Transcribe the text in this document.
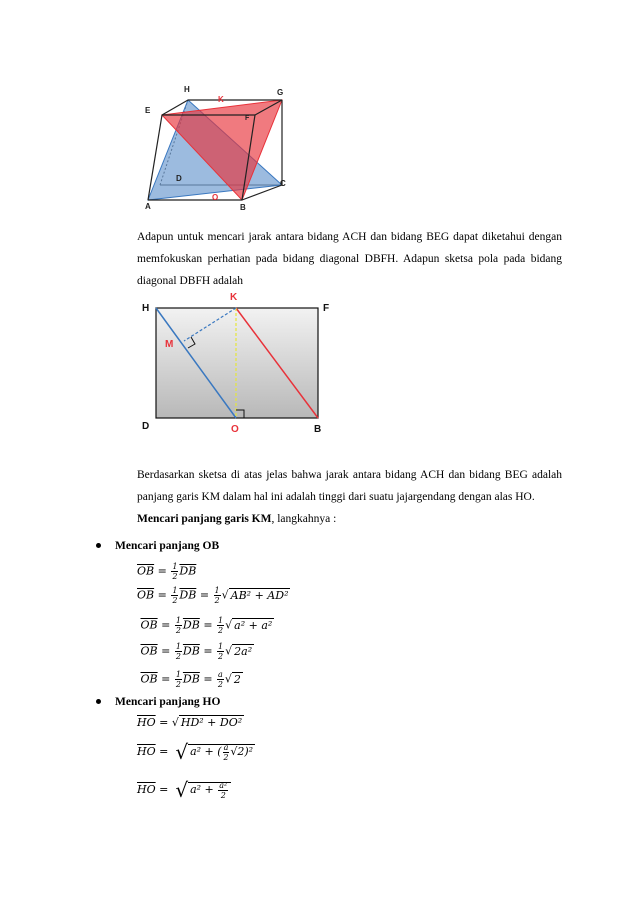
H
K
G
E
F
D
C
A
O
B
Adapun untuk mencari jarak antara bidang ACH dan bidang BEG dapat diketahui dengan memfokuskan perhatian pada bidang diagonal DBFH. Adapun sketsa pola pada bidang diagonal DBFH adalah
H
K
F
M
D	O	B
Berdasarkan sketsa di atas jelas bahwa jarak antara bidang ACH dan bidang BEG adalah panjang garis KM dalam hal ini adalah tinggi dari suatu jajargendang dengan alas HO.
Mencari panjang garis KM, langkahnya :
Mencari panjang OB
$\overline{OB} = \frac{1}{2} \overline{DB}$
$\overline{OB} = \frac{1}{2} \overline{DB} = \frac{1}{2}$ √ AB² + AD²
$\overline{OB} = \frac{1}{2} \overline{DB} = \frac{1}{2}$ √ a² + a²
$\overline{OB} = \frac{1}{2} \overline{DB} = \frac{1}{2}$ √ 2a²
$\overline{OB} = \frac{1}{2} \overline{DB} = \frac{a}{2}$ √ 2
Mencari panjang HO
$\overline{HO}$ = √ HD² + DO²
$\overline{HO}$ =  √ a² + ( $\frac{a}{2} √2)^2$
$\overline{HO}$ =  √ $a^2 + \frac{\text{a²}}{2}$
